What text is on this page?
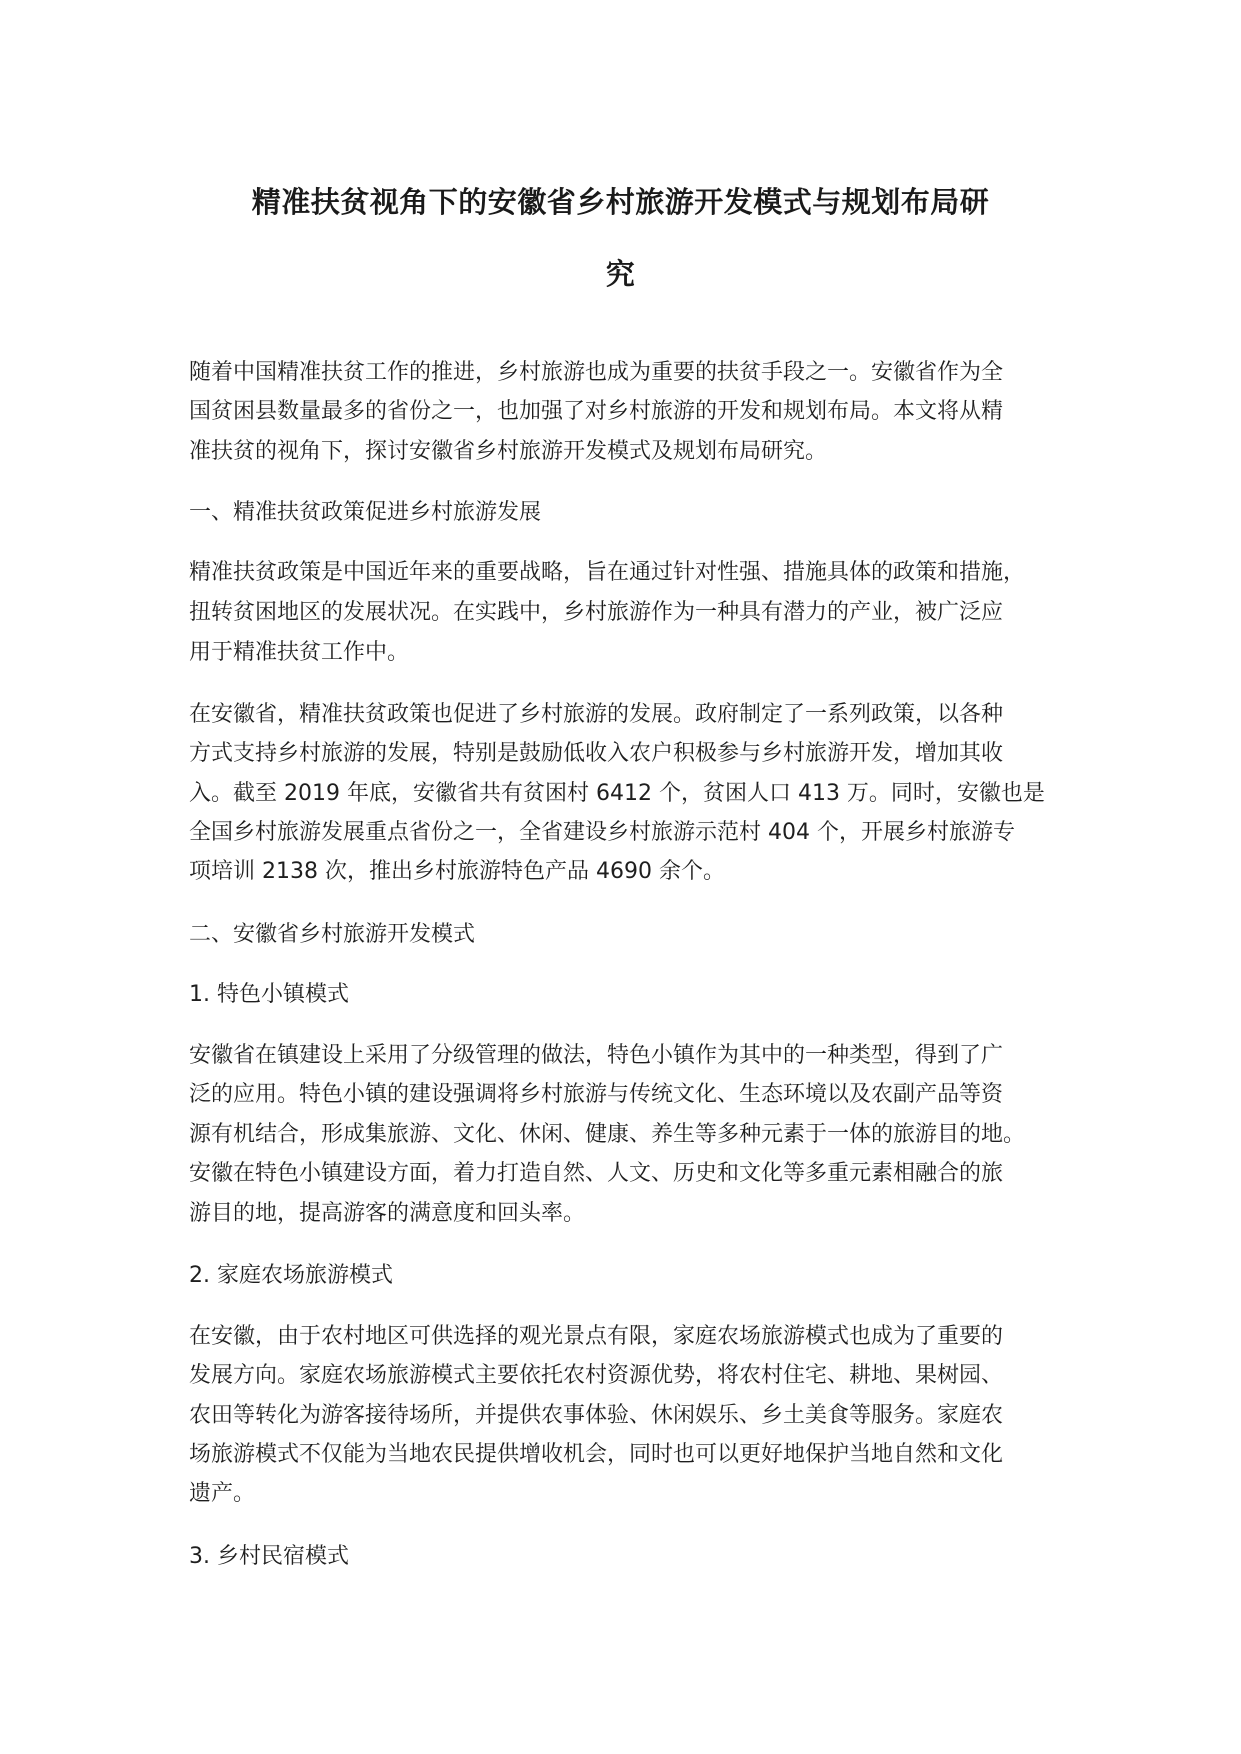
精准扶贫视角下的安徽省乡村旅游开发模式与规划布局研
究

随着中国精准扶贫工作的推进，乡村旅游也成为重要的扶贫手段之一。安徽省作为全

国贫困县数量最多的省份之一，也加强了对乡村旅游的开发和规划布局。本文将从精

准扶贫的视角下，探讨安徽省乡村旅游开发模式及规划布局研究。

一、精准扶贫政策促进乡村旅游发展

精准扶贫政策是中国近年来的重要战略，旨在通过针对性强、措施具体的政策和措施，

扭转贫困地区的发展状况。在实践中，乡村旅游作为一种具有潜力的产业，被广泛应

用于精准扶贫工作中。

在安徽省，精准扶贫政策也促进了乡村旅游的发展。政府制定了一系列政策，以各种

方式支持乡村旅游的发展，特别是鼓励低收入农户积极参与乡村旅游开发，增加其收

入。截至 2019 年底，安徽省共有贫困村 6412 个，贫困人口 413 万。同时，安徽也是

全国乡村旅游发展重点省份之一，全省建设乡村旅游示范村 404 个，开展乡村旅游专

项培训 2138 次，推出乡村旅游特色产品 4690 余个。

二、安徽省乡村旅游开发模式

1. 特色小镇模式

安徽省在镇建设上采用了分级管理的做法，特色小镇作为其中的一种类型，得到了广

泛的应用。特色小镇的建设强调将乡村旅游与传统文化、生态环境以及农副产品等资

源有机结合，形成集旅游、文化、休闲、健康、养生等多种元素于一体的旅游目的地。

安徽在特色小镇建设方面，着力打造自然、人文、历史和文化等多重元素相融合的旅

游目的地，提高游客的满意度和回头率。

2. 家庭农场旅游模式

在安徽，由于农村地区可供选择的观光景点有限，家庭农场旅游模式也成为了重要的

发展方向。家庭农场旅游模式主要依托农村资源优势，将农村住宅、耕地、果树园、

农田等转化为游客接待场所，并提供农事体验、休闲娱乐、乡土美食等服务。家庭农

场旅游模式不仅能为当地农民提供增收机会，同时也可以更好地保护当地自然和文化

遗产。

3. 乡村民宿模式
